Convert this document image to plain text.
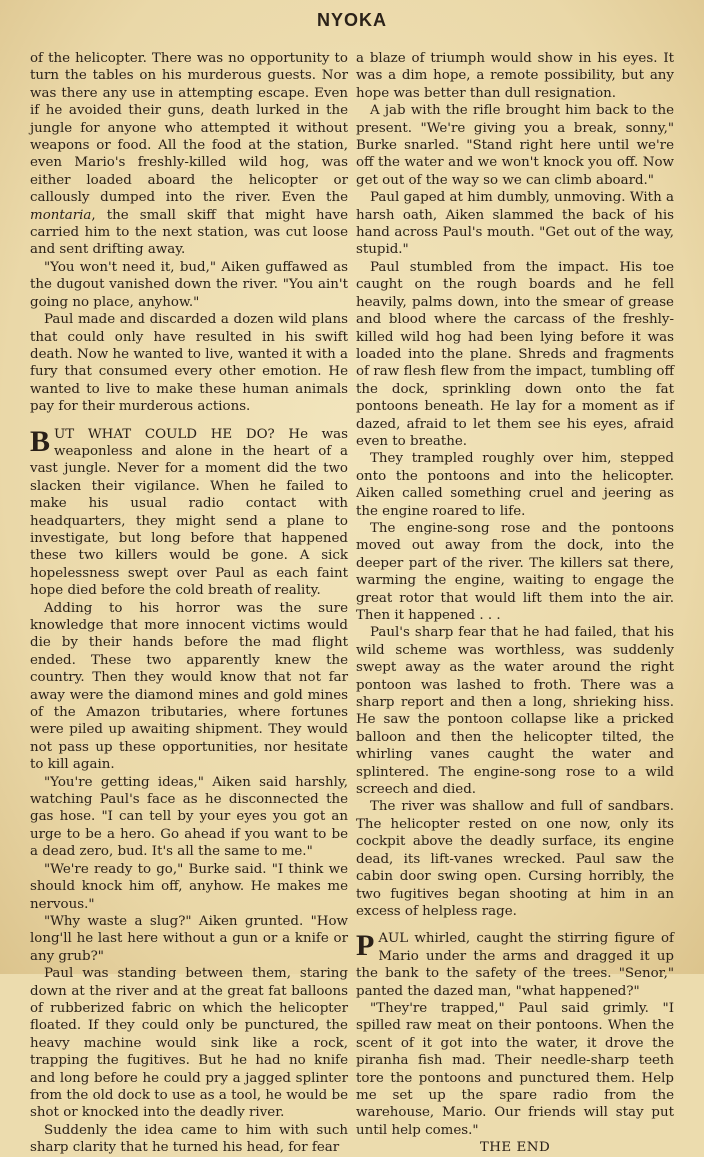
NYOKA

of the helicopter. There was no opportunity to turn the tables on his murderous guests. Nor was there any use in attempting escape. Even if he avoided their guns, death lurked in the jungle for anyone who attempted it without weapons or food. All the food at the station, even Mario's freshly-killed wild hog, was either loaded aboard the helicopter or callously dumped into the river. Even the montaria, the small skiff that might have carried him to the next station, was cut loose and sent drifting away.

"You won't need it, bud," Aiken guffawed as the dugout vanished down the river. "You ain't going no place, anyhow."

Paul made and discarded a dozen wild plans that could only have resulted in his swift death. Now he wanted to live, wanted it with a fury that consumed every other emotion. He wanted to live to make these human animals pay for their murderous actions.

BUT WHAT COULD HE DO? He was weaponless and alone in the heart of a vast jungle. Never for a moment did the two slacken their vigilance. When he failed to make his usual radio contact with headquarters, they might send a plane to investigate, but long before that happened these two killers would be gone. A sick hopelessness swept over Paul as each faint hope died before the cold breath of reality.

Adding to his horror was the sure knowledge that more innocent victims would die by their hands before the mad flight ended. These two apparently knew the country. Then they would know that not far away were the diamond mines and gold mines of the Amazon tributaries, where fortunes were piled up awaiting shipment. They would not pass up these opportunities, nor hesitate to kill again.

"You're getting ideas," Aiken said harshly, watching Paul's face as he disconnected the gas hose. "I can tell by your eyes you got an urge to be a hero. Go ahead if you want to be a dead zero, bud. It's all the same to me."

"We're ready to go," Burke said. "I think we should knock him off, anyhow. He makes me nervous."

"Why waste a slug?" Aiken grunted. "How long'll he last here without a gun or a knife or any grub?"

Paul was standing between them, staring down at the river and at the great fat balloons of rubberized fabric on which the helicopter floated. If they could only be punctured, the heavy machine would sink like a rock, trapping the fugitives. But he had no knife and long before he could pry a jagged splinter from the old dock to use as a tool, he would be shot or knocked into the deadly river.

Suddenly the idea came to him with such sharp clarity that he turned his head, for fear

a blaze of triumph would show in his eyes. It was a dim hope, a remote possibility, but any hope was better than dull resignation.

A jab with the rifle brought him back to the present. "We're giving you a break, sonny," Burke snarled. "Stand right here until we're off the water and we won't knock you off. Now get out of the way so we can climb aboard."

Paul gaped at him dumbly, unmoving. With a harsh oath, Aiken slammed the back of his hand across Paul's mouth. "Get out of the way, stupid."

Paul stumbled from the impact. His toe caught on the rough boards and he fell heavily, palms down, into the smear of grease and blood where the carcass of the freshly-killed wild hog had been lying before it was loaded into the plane. Shreds and fragments of raw flesh flew from the impact, tumbling off the dock, sprinkling down onto the fat pontoons beneath. He lay for a moment as if dazed, afraid to let them see his eyes, afraid even to breathe.

They trampled roughly over him, stepped onto the pontoons and into the helicopter. Aiken called something cruel and jeering as the engine roared to life.

The engine-song rose and the pontoons moved out away from the dock, into the deeper part of the river. The killers sat there, warming the engine, waiting to engage the great rotor that would lift them into the air. Then it happened . . .

Paul's sharp fear that he had failed, that his wild scheme was worthless, was suddenly swept away as the water around the right pontoon was lashed to froth. There was a sharp report and then a long, shrieking hiss. He saw the pontoon collapse like a pricked balloon and then the helicopter tilted, the whirling vanes caught the water and splintered. The engine-song rose to a wild screech and died.

The river was shallow and full of sandbars. The helicopter rested on one now, only its cockpit above the deadly surface, its engine dead, its lift-vanes wrecked. Paul saw the cabin door swing open. Cursing horribly, the two fugitives began shooting at him in an excess of helpless rage.

PAUL whirled, caught the stirring figure of Mario under the arms and dragged it up the bank to the safety of the trees. "Senor," panted the dazed man, "what happened?"

"They're trapped," Paul said grimly. "I spilled raw meat on their pontoons. When the scent of it got into the water, it drove the piranha fish mad. Their needle-sharp teeth tore the pontoons and punctured them. Help me set up the spare radio from the warehouse, Mario. Our friends will stay put until help comes."

THE END
